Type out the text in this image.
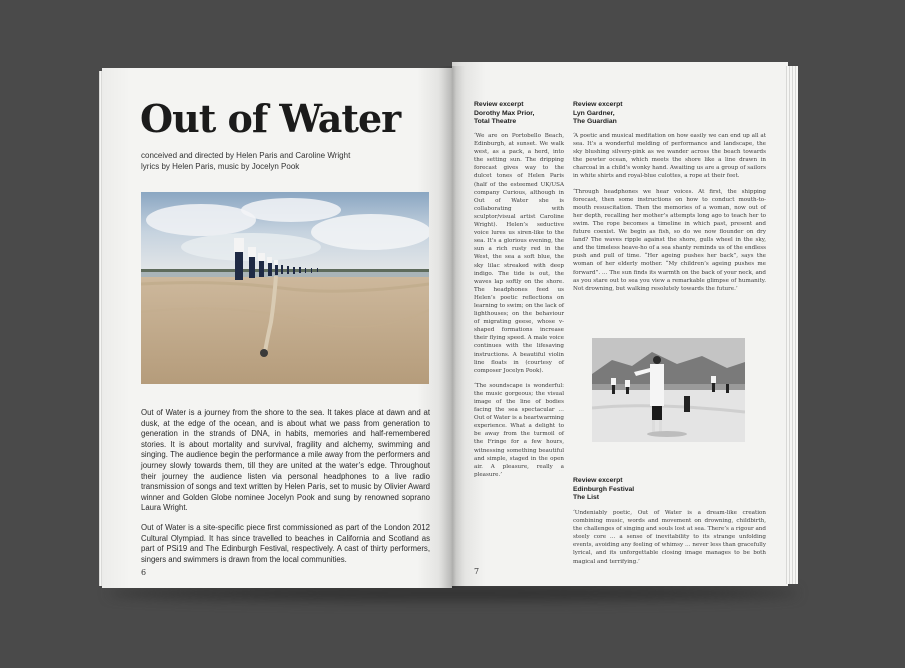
Out of Water
conceived and directed by Helen Paris and Caroline Wright
lyrics by Helen Paris, music by Jocelyn Pook

Out of Water is a journey from the shore to the sea. It takes place at dawn and at dusk, at the edge of the ocean, and is about what we pass from generation to generation in the strands of DNA, in habits, memories and half-remembered stories. It is about mortality and survival, fragility and alchemy, swimming and singing. The audience begin the performance a mile away from the performers and journey slowly towards them, till they are united at the water’s edge. Throughout their journey the audience listen via personal headphones to a live radio transmission of songs and text written by Helen Paris, set to music by Olivier Award winner and Golden Globe nominee Jocelyn Pook and sung by renowned soprano Laura Wright.

Out of Water is a site-specific piece first commissioned as part of the London 2012 Cultural Olympiad. It has since travelled to beaches in California and Scotland as part of PSi19 and The Edinburgh Festival, respectively. A cast of thirty performers, singers and swimmers is drawn from the local communities.

6
Review excerpt
Dorothy Max Prior,
Total Theatre

‘We are on Portobello Beach, Edinburgh, at sunset. We walk west, as a pack, a herd, into the setting sun. The dripping forecast gives way to the dulcet tones of Helen Paris (half of the esteemed UK/USA company Curious, although in Out of Water she is collaborating with sculptor/visual artist Caroline Wright). Helen’s seductive voice lures us siren-like to the sea. It’s a glorious evening, the sun a rich rusty red in the West, the sea a soft blue, the sky lilac streaked with deep indigo. The tide is out, the waves lap softly on the shore. The headphones feed us Helen’s poetic reflections on learning to swim; on the lack of lighthouses; on the behaviour of migrating geese, whose v-shaped formations increase their flying speed. A male voice continues with the lifesaving instructions. A beautiful violin line floats in (courtesy of composer Jocelyn Pook).

‘The soundscape is wonderful: the music gorgeous; the visual image of the line of bodies facing the sea spectacular … Out of Water is a heartwarming experience. What a delight to be away from the turmoil of the Fringe for a few hours, witnessing something beautiful and simple, staged in the open air. A pleasure, really a pleasure.’

Review excerpt
Lyn Gardner,
The Guardian

‘A poetic and musical meditation on how easily we can end up all at sea. It’s a wonderful melding of performance and landscape, the sky blushing silvery-pink as we wander across the beach towards the pewter ocean, which meets the shore like a line drawn in charcoal in a child’s wonky hand. Awaiting us are a group of sailors in white shirts and royal-blue culottes, a rope at their feet.

‘Through headphones we hear voices. At first, the shipping forecast, then some instructions on how to conduct mouth-to-mouth resuscitation. Then the memories of a woman, now out of her depth, recalling her mother’s attempts long ago to teach her to swim. The rope becomes a timeline in which past, present and future coexist. We begin as fish, so do we now flounder on dry land? The waves ripple against the shore, gulls wheel in the sky, and the timeless heave-ho of a sea shanty reminds us of the endless push and pull of time. “Her ageing pushes her back”, says the woman of her elderly mother. “My children’s ageing pushes me forward”. … The sun finds its warmth on the back of your neck, and as you stare out to sea you view a remarkable glimpse of humanity. Not drowning, but walking resolutely towards the future.’

Review excerpt
Edinburgh Festival
The List

‘Undeniably poetic, Out of Water is a dream-like creation combining music, words and movement on drowning, childbirth, the challenges of singing and souls lost at sea. There’s a rigour and steely core … a sense of inevitability to its strange unfolding events, avoiding any feeling of whimsy … never less than gracefully lyrical, and its unforgettable closing image manages to be both magical and terrifying.’

7
